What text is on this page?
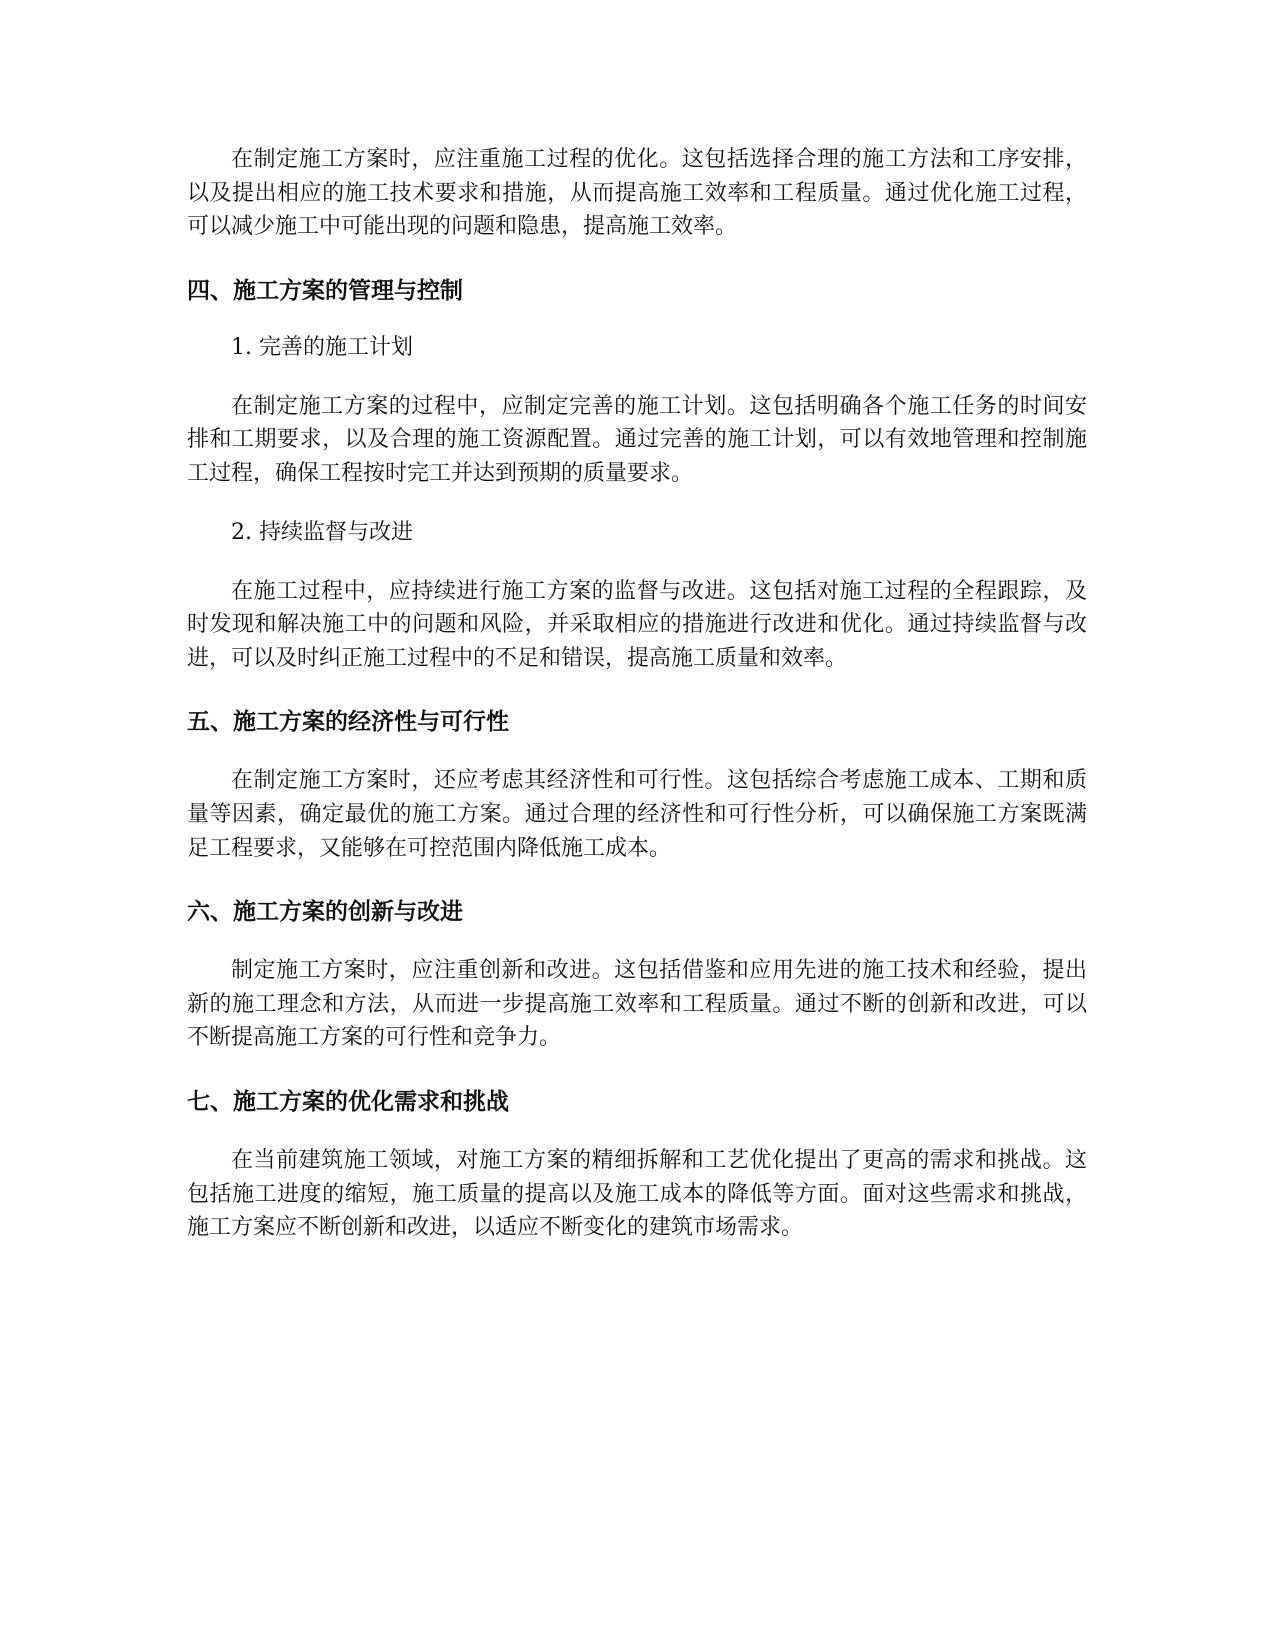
在制定施工方案时，应注重施工过程的优化。这包括选择合理的施工方法和工序安排，以及提出相应的施工技术要求和措施，从而提高施工效率和工程质量。通过优化施工过程，可以减少施工中可能出现的问题和隐患，提高施工效率。

四、施工方案的管理与控制

1. 完善的施工计划

在制定施工方案的过程中，应制定完善的施工计划。这包括明确各个施工任务的时间安排和工期要求，以及合理的施工资源配置。通过完善的施工计划，可以有效地管理和控制施工过程，确保工程按时完工并达到预期的质量要求。

2. 持续监督与改进

在施工过程中，应持续进行施工方案的监督与改进。这包括对施工过程的全程跟踪，及时发现和解决施工中的问题和风险，并采取相应的措施进行改进和优化。通过持续监督与改进，可以及时纠正施工过程中的不足和错误，提高施工质量和效率。

五、施工方案的经济性与可行性

在制定施工方案时，还应考虑其经济性和可行性。这包括综合考虑施工成本、工期和质量等因素，确定最优的施工方案。通过合理的经济性和可行性分析，可以确保施工方案既满足工程要求，又能够在可控范围内降低施工成本。

六、施工方案的创新与改进

制定施工方案时，应注重创新和改进。这包括借鉴和应用先进的施工技术和经验，提出新的施工理念和方法，从而进一步提高施工效率和工程质量。通过不断的创新和改进，可以不断提高施工方案的可行性和竞争力。

七、施工方案的优化需求和挑战

在当前建筑施工领域，对施工方案的精细拆解和工艺优化提出了更高的需求和挑战。这包括施工进度的缩短，施工质量的提高以及施工成本的降低等方面。面对这些需求和挑战，施工方案应不断创新和改进，以适应不断变化的建筑市场需求。
